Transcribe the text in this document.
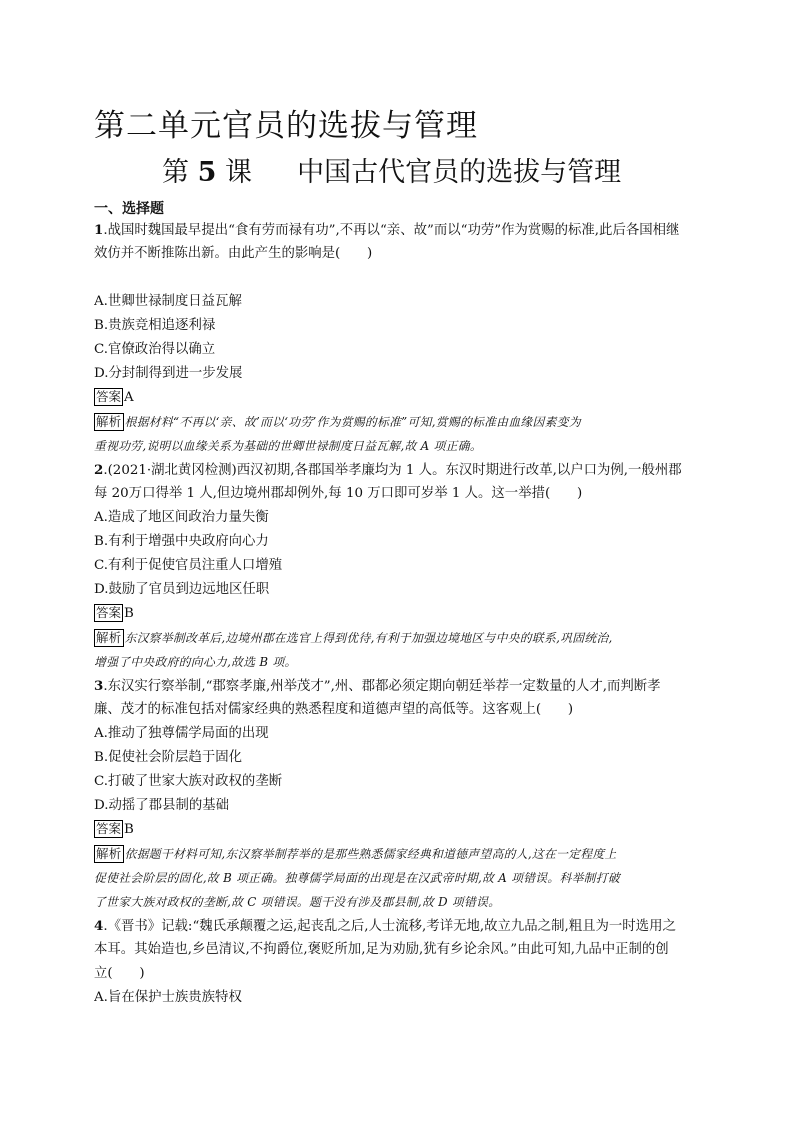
第二单元官员的选拔与管理
第 5 课 中国古代官员的选拔与管理
一、选择题
1.战国时魏国最早提出“食有劳而禄有功”,不再以“亲、故”而以“功劳”作为赏赐的标准,此后各国相继
效仿并不断推陈出新。由此产生的影响是(　　)
A.世卿世禄制度日益瓦解
B.贵族竞相追逐利禄
C.官僚政治得以确立
D.分封制得到进一步发展
答案 A
解析 根据材料“不再以‘亲、故’而以‘功劳’作为赏赐的标准”可知,赏赐的标准由血缘因素变为
重视功劳,说明以血缘关系为基础的世卿世禄制度日益瓦解,故 A 项正确。
2.(2021·湖北黄冈检测)西汉初期,各郡国举孝廉均为 1 人。东汉时期进行改革,以户口为例,一般州郡
每 20万口得举 1 人,但边境州郡却例外,每 10 万口即可岁举 1 人。这一举措(　　)
A.造成了地区间政治力量失衡
B.有利于增强中央政府向心力
C.有利于促使官员注重人口增殖
D.鼓励了官员到边远地区任职
答案 B
解析 东汉察举制改革后,边境州郡在选官上得到优待,有利于加强边境地区与中央的联系,巩固统治,
增强了中央政府的向心力,故选 B 项。
3.东汉实行察举制,“郡察孝廉,州举茂才”,州、郡都必须定期向朝廷举荐一定数量的人才,而判断孝
廉、茂才的标准包括对儒家经典的熟悉程度和道德声望的高低等。这客观上(　　)
A.推动了独尊儒学局面的出现
B.促使社会阶层趋于固化
C.打破了世家大族对政权的垄断
D.动摇了郡县制的基础
答案 B
解析 依据题干材料可知,东汉察举制荐举的是那些熟悉儒家经典和道德声望高的人,这在一定程度上
促使社会阶层的固化,故 B 项正确。独尊儒学局面的出现是在汉武帝时期,故 A 项错误。科举制打破
了世家大族对政权的垄断,故 C 项错误。题干没有涉及郡县制,故 D 项错误。
4.《晋书》记载:“魏氏承颠覆之运,起丧乱之后,人士流移,考详无地,故立九品之制,粗且为一时选用之
本耳。其始造也,乡邑清议,不拘爵位,褒贬所加,足为劝励,犹有乡论余风。”由此可知,九品中正制的创
立(　　)
A.旨在保护士族贵族特权
